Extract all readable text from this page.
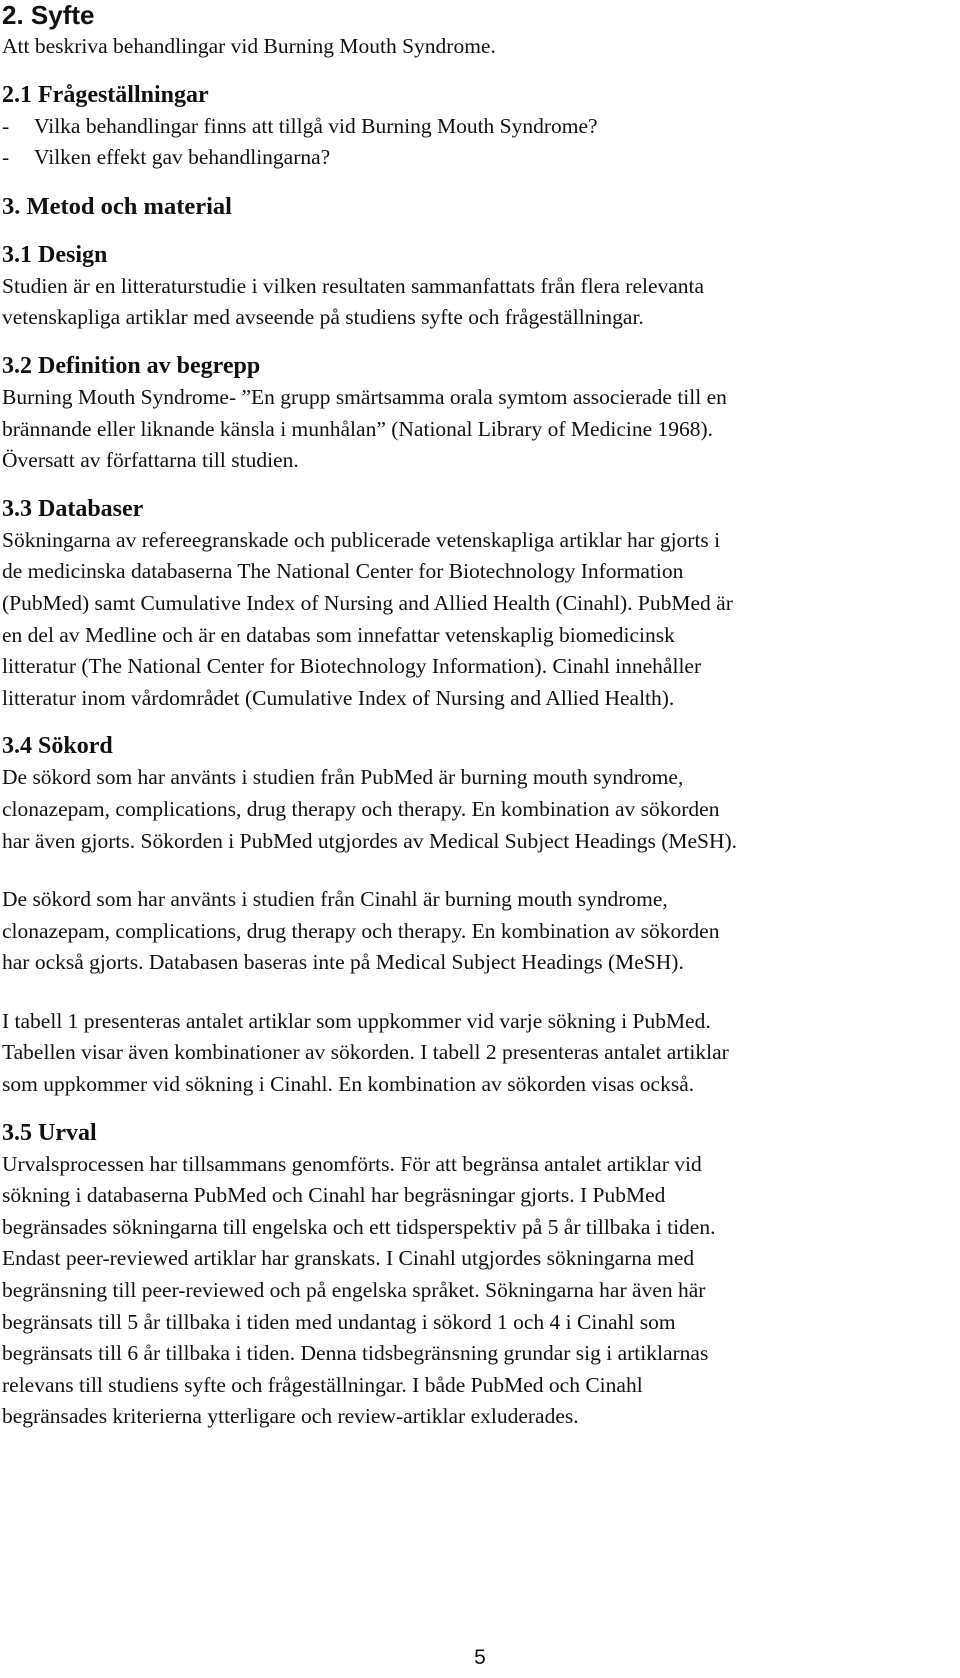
2. Syfte

Att beskriva behandlingar vid Burning Mouth Syndrome.

2.1 Frågeställningar
- Vilka behandlingar finns att tillgå vid Burning Mouth Syndrome?
- Vilken effekt gav behandlingarna?
3. Metod och material
3.1 Design

Studien är en litteraturstudie i vilken resultaten sammanfattats från flera relevanta
vetenskapliga artiklar med avseende på studiens syfte och frågeställningar.

3.2 Definition av begrepp

Burning Mouth Syndrome- ”En grupp smärtsamma orala symtom associerade till en
brännande eller liknande känsla i munhålan” (National Library of Medicine 1968).
Översatt av författarna till studien.

3.3 Databaser

Sökningarna av refereegranskade och publicerade vetenskapliga artiklar har gjorts i
de medicinska databaserna The National Center for Biotechnology Information
(PubMed) samt Cumulative Index of Nursing and Allied Health (Cinahl). PubMed är
en del av Medline och är en databas som innefattar vetenskaplig biomedicinsk
litteratur (The National Center for Biotechnology Information). Cinahl innehåller
litteratur inom vårdområdet (Cumulative Index of Nursing and Allied Health).

3.4 Sökord

De sökord som har använts i studien från PubMed är burning mouth syndrome,
clonazepam, complications, drug therapy och therapy. En kombination av sökorden
har även gjorts. Sökorden i PubMed utgjordes av Medical Subject Headings (MeSH).

De sökord som har använts i studien från Cinahl är burning mouth syndrome,
clonazepam, complications, drug therapy och therapy. En kombination av sökorden
har också gjorts. Databasen baseras inte på Medical Subject Headings (MeSH).

I tabell 1 presenteras antalet artiklar som uppkommer vid varje sökning i PubMed.
Tabellen visar även kombinationer av sökorden. I tabell 2 presenteras antalet artiklar
som uppkommer vid sökning i Cinahl. En kombination av sökorden visas också.

3.5 Urval

Urvalsprocessen har tillsammans genomförts. För att begränsa antalet artiklar vid
sökning i databaserna PubMed och Cinahl har begräsningar gjorts. I PubMed
begränsades sökningarna till engelska och ett tidsperspektiv på 5 år tillbaka i tiden.
Endast peer-reviewed artiklar har granskats. I Cinahl utgjordes sökningarna med
begränsning till peer-reviewed och på engelska språket. Sökningarna har även här
begränsats till 5 år tillbaka i tiden med undantag i sökord 1 och 4 i Cinahl som
begränsats till 6 år tillbaka i tiden. Denna tidsbegränsning grundar sig i artiklarnas
relevans till studiens syfte och frågeställningar. I både PubMed och Cinahl
begränsades kriterierna ytterligare och review-artiklar exluderades.

5
